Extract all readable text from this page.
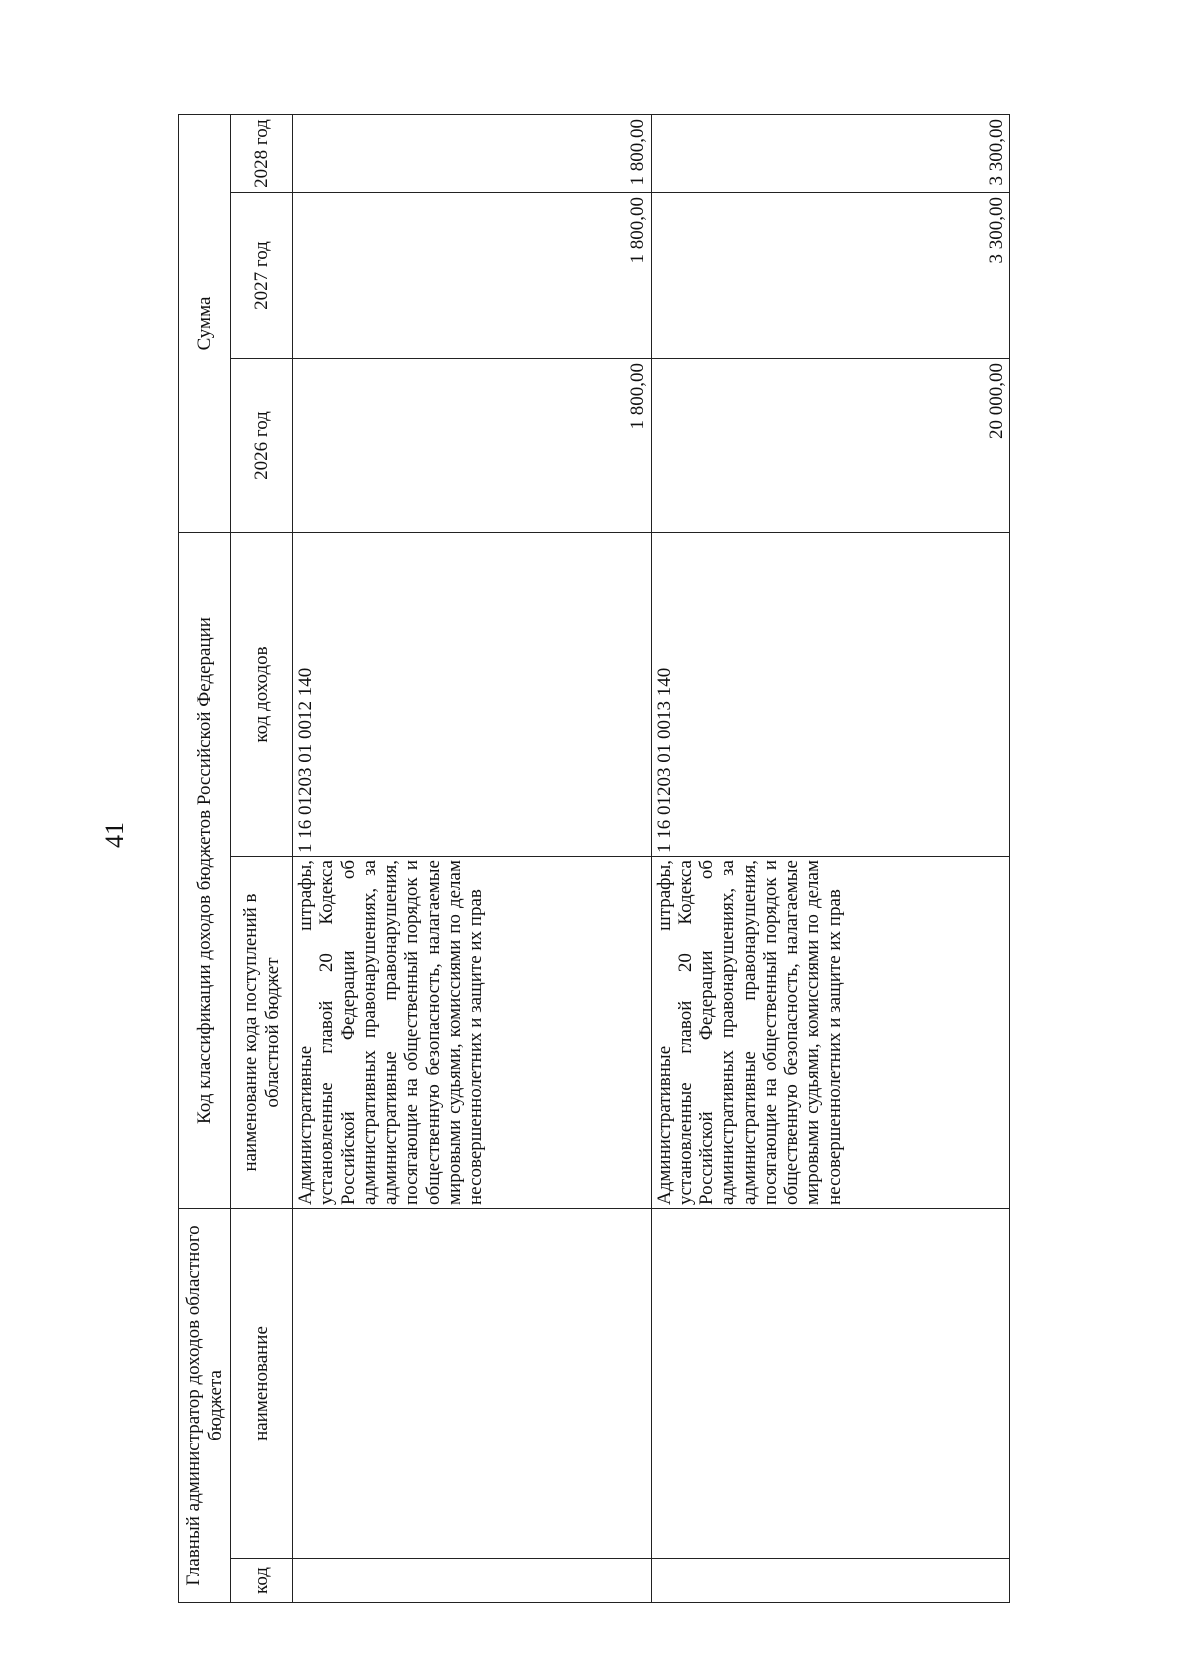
41
Главный администратор доходов областного бюджета		Код классификации доходов бюджетов Российской Федерации		Сумма		
код	наименование	наименование кода поступлений в областной бюджет	код доходов	2026 год	2027 год	2028 год
		Административные штрафы, установленные главой 20 Кодекса Российской Федерации об административных правонарушениях, за административные правонарушения, посягающие на общественный порядок и общественную безопасность, налагаемые мировыми судьями, комиссиями по делам несовершеннолетних и защите их прав	1 16 01203 01 0012 140	1 800,00	1 800,00	1 800,00
		Административные штрафы, установленные главой 20 Кодекса Российской Федерации об административных правонарушениях, за административные правонарушения, посягающие на общественный порядок и общественную безопасность, налагаемые мировыми судьями, комиссиями по делам несовершеннолетних и защите их прав	1 16 01203 01 0013 140	20 000,00	3 300,00	3 300,00
